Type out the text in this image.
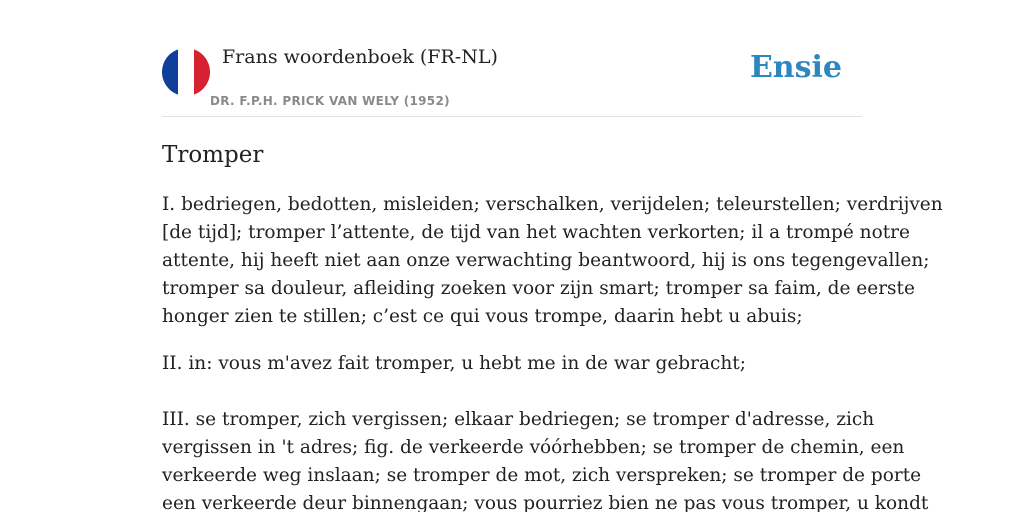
Frans woordenboek (FR-NL)
DR. F.P.H. PRICK VAN WELY (1952)
Ensie
Tromper

I. bedriegen, bedotten, misleiden; verschalken, verijdelen; teleurstellen; verdrijven
[de tijd]; tromper l’attente, de tijd van het wachten verkorten; il a trompé notre
attente, hij heeft niet aan onze verwachting beantwoord, hij is ons tegengevallen;
tromper sa douleur, afleiding zoeken voor zijn smart; tromper sa faim, de eerste
honger zien te stillen; c’est ce qui vous trompe, daarin hebt u abuis;

II. in: vous m'avez fait tromper, u hebt me in de war gebracht;

III. se tromper, zich vergissen; elkaar bedriegen; se tromper d'adresse, zich
vergissen in 't adres; fig. de verkeerde vóórhebben; se tromper de chemin, een
verkeerde weg inslaan; se tromper de mot, zich verspreken; se tromper de porte
een verkeerde deur binnengaan; vous pourriez bien ne pas vous tromper, u kondt
